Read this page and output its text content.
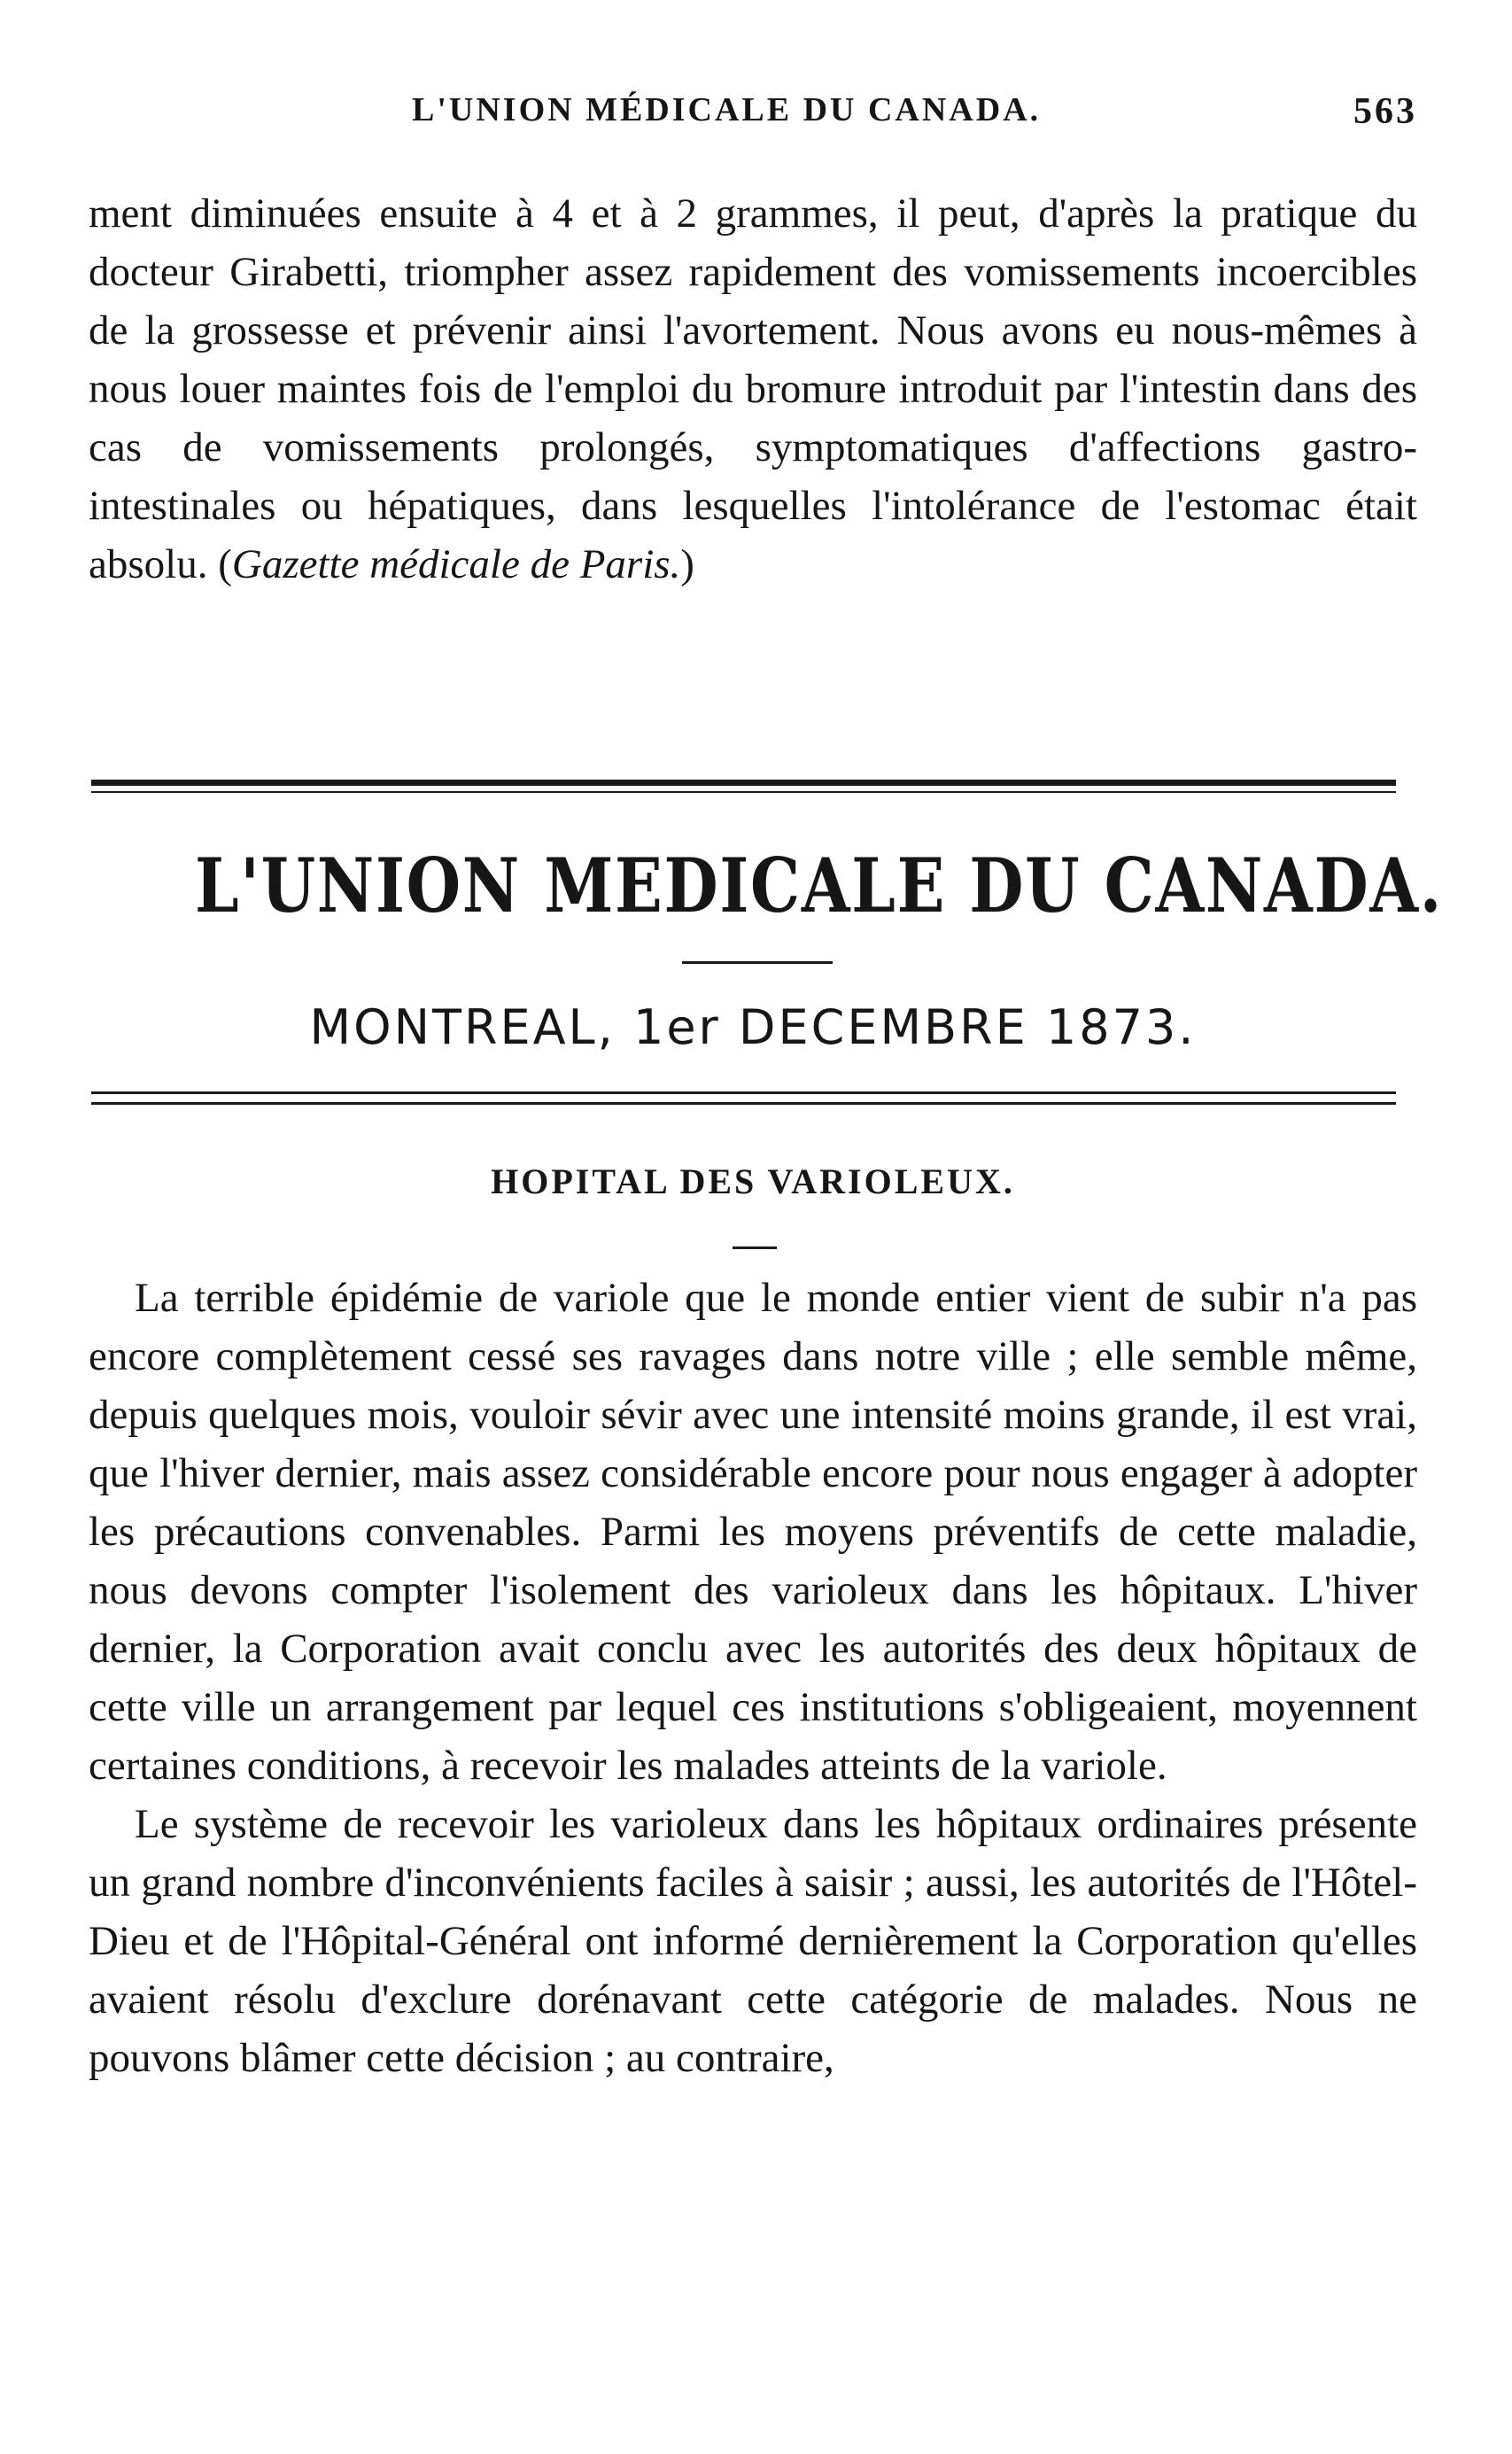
L'UNION MÉDICALE DU CANADA.	563

ment diminuées ensuite à 4 et à 2 grammes, il peut, d'après la pratique du docteur Girabetti, triompher assez rapidement des vomissements incoercibles de la grossesse et prévenir ainsi l'avortement. Nous avons eu nous-mêmes à nous louer maintes fois de l'emploi du bromure introduit par l'intestin dans des cas de vomissements prolongés, symptomatiques d'affections gastro-intestinales ou hépatiques, dans lesquelles l'intolérance de l'estomac était absolu. (Gazette médicale de Paris.)

L'UNION MEDICALE DU CANADA.
MONTREAL, 1er DECEMBRE 1873.
HOPITAL DES VARIOLEUX.

La terrible épidémie de variole que le monde entier vient de subir n'a pas encore complètement cessé ses ravages dans notre ville ; elle semble même, depuis quelques mois, vouloir sévir avec une intensité moins grande, il est vrai, que l'hiver dernier, mais assez considérable encore pour nous engager à adopter les précautions convenables. Parmi les moyens préventifs de cette maladie, nous devons compter l'isolement des varioleux dans les hôpitaux. L'hiver dernier, la Corporation avait conclu avec les autorités des deux hôpitaux de cette ville un arrangement par lequel ces institutions s'obligeaient, moyennent certaines conditions, à recevoir les malades atteints de la variole.

Le système de recevoir les varioleux dans les hôpitaux ordinaires présente un grand nombre d'inconvénients faciles à saisir ; aussi, les autorités de l'Hôtel-Dieu et de l'Hôpital-Général ont informé dernièrement la Corporation qu'elles avaient résolu d'exclure dorénavant cette catégorie de malades. Nous ne pouvons blâmer cette décision ; au contraire,
